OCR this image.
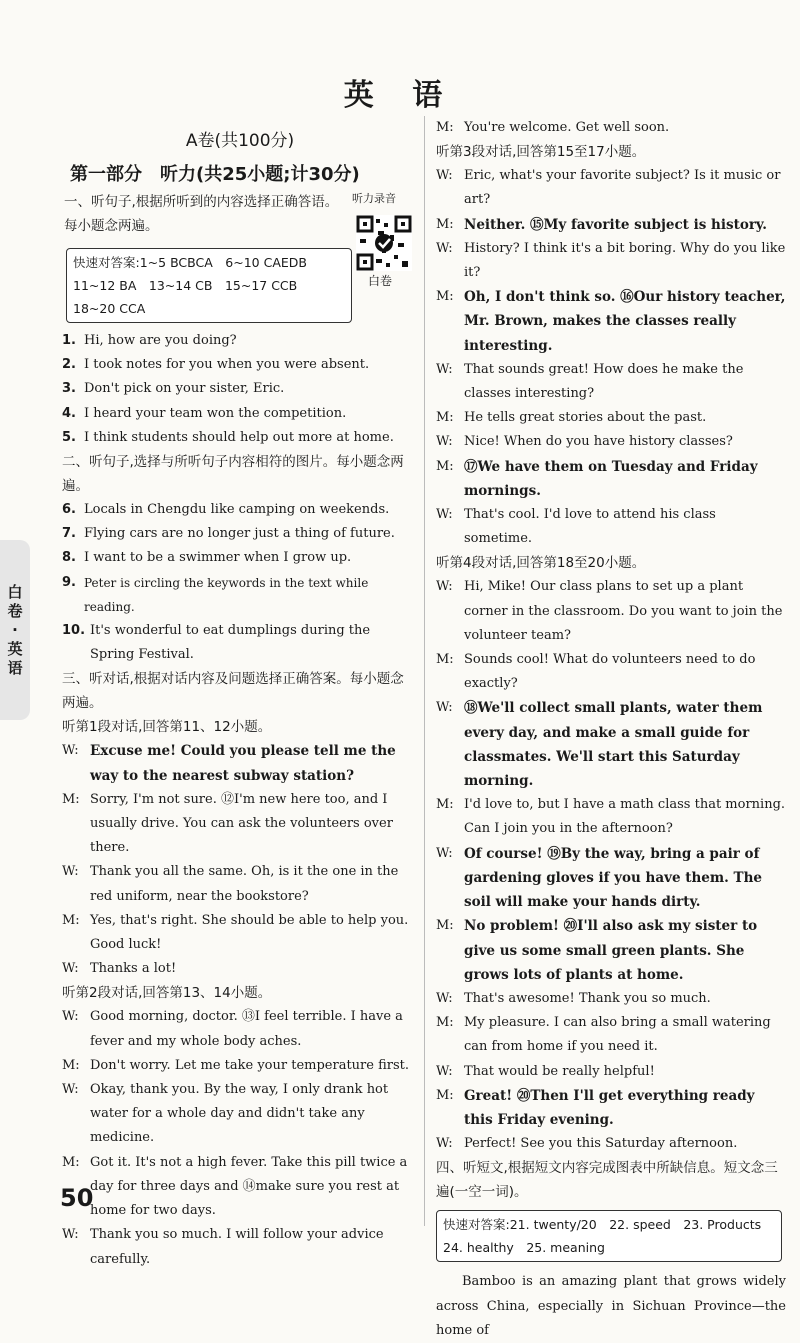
英 语
白
卷
·
英
语
A卷(共100分)
第一部分　听力(共25小题;计30分)
一、听句子,根据所听到的内容选择正确答语。每小题念两遍。
听力录音
白卷
快速对答案:1~5 BCBCA　6~10 CAEDB
11~12 BA　13~14 CB　15~17 CCB
18~20 CCA
1. Hi, how are you doing?
2. I took notes for you when you were absent.
3. Don't pick on your sister, Eric.
4. I heard your team won the competition.
5. I think students should help out more at home.
二、听句子,选择与所听句子内容相符的图片。每小题念两遍。
6. Locals in Chengdu like camping on weekends.
7. Flying cars are no longer just a thing of future.
8. I want to be a swimmer when I grow up.
9. Peter is circling the keywords in the text while reading.
10. It's wonderful to eat dumplings during the Spring Festival.
三、听对话,根据对话内容及问题选择正确答案。每小题念两遍。
听第1段对话,回答第11、12小题。
W: Excuse me! Could you please tell me the way to the nearest subway station?
M: Sorry, I'm not sure. ⑫I'm new here too, and I usually drive. You can ask the volunteers over there.
W: Thank you all the same. Oh, is it the one in the red uniform, near the bookstore?
M: Yes, that's right. She should be able to help you. Good luck!
W: Thanks a lot!
听第2段对话,回答第13、14小题。
W: Good morning, doctor. ⑬I feel terrible. I have a fever and my whole body aches.
M: Don't worry. Let me take your temperature first.
W: Okay, thank you. By the way, I only drank hot water for a whole day and didn't take any medicine.
M: Got it. It's not a high fever. Take this pill twice a day for three days and ⑭make sure you rest at home for two days.
W: Thank you so much. I will follow your advice carefully.
M: You're welcome. Get well soon.
听第3段对话,回答第15至17小题。
W: Eric, what's your favorite subject? Is it music or art?
M: Neither. ⑮My favorite subject is history.
W: History? I think it's a bit boring. Why do you like it?
M: Oh, I don't think so. ⑯Our history teacher, Mr. Brown, makes the classes really interesting.
W: That sounds great! How does he make the classes interesting?
M: He tells great stories about the past.
W: Nice! When do you have history classes?
M: ⑰We have them on Tuesday and Friday mornings.
W: That's cool. I'd love to attend his class sometime.
听第4段对话,回答第18至20小题。
W: Hi, Mike! Our class plans to set up a plant corner in the classroom. Do you want to join the volunteer team?
M: Sounds cool! What do volunteers need to do exactly?
W: ⑱We'll collect small plants, water them every day, and make a small guide for classmates. We'll start this Saturday morning.
M: I'd love to, but I have a math class that morning. Can I join you in the afternoon?
W: Of course! ⑲By the way, bring a pair of gardening gloves if you have them. The soil will make your hands dirty.
M: No problem! ⑳I'll also ask my sister to give us some small green plants. She grows lots of plants at home.
W: That's awesome! Thank you so much.
M: My pleasure. I can also bring a small watering can from home if you need it.
W: That would be really helpful!
M: Great! ⑳Then I'll get everything ready this Friday evening.
W: Perfect! See you this Saturday afternoon.
四、听短文,根据短文内容完成图表中所缺信息。短文念三遍(一空一词)。
快速对答案:21. twenty/20　22. speed　23. Products　24. healthy　25. meaning
Bamboo is an amazing plant that grows widely across China, especially in Sichuan Province—the home of
50
